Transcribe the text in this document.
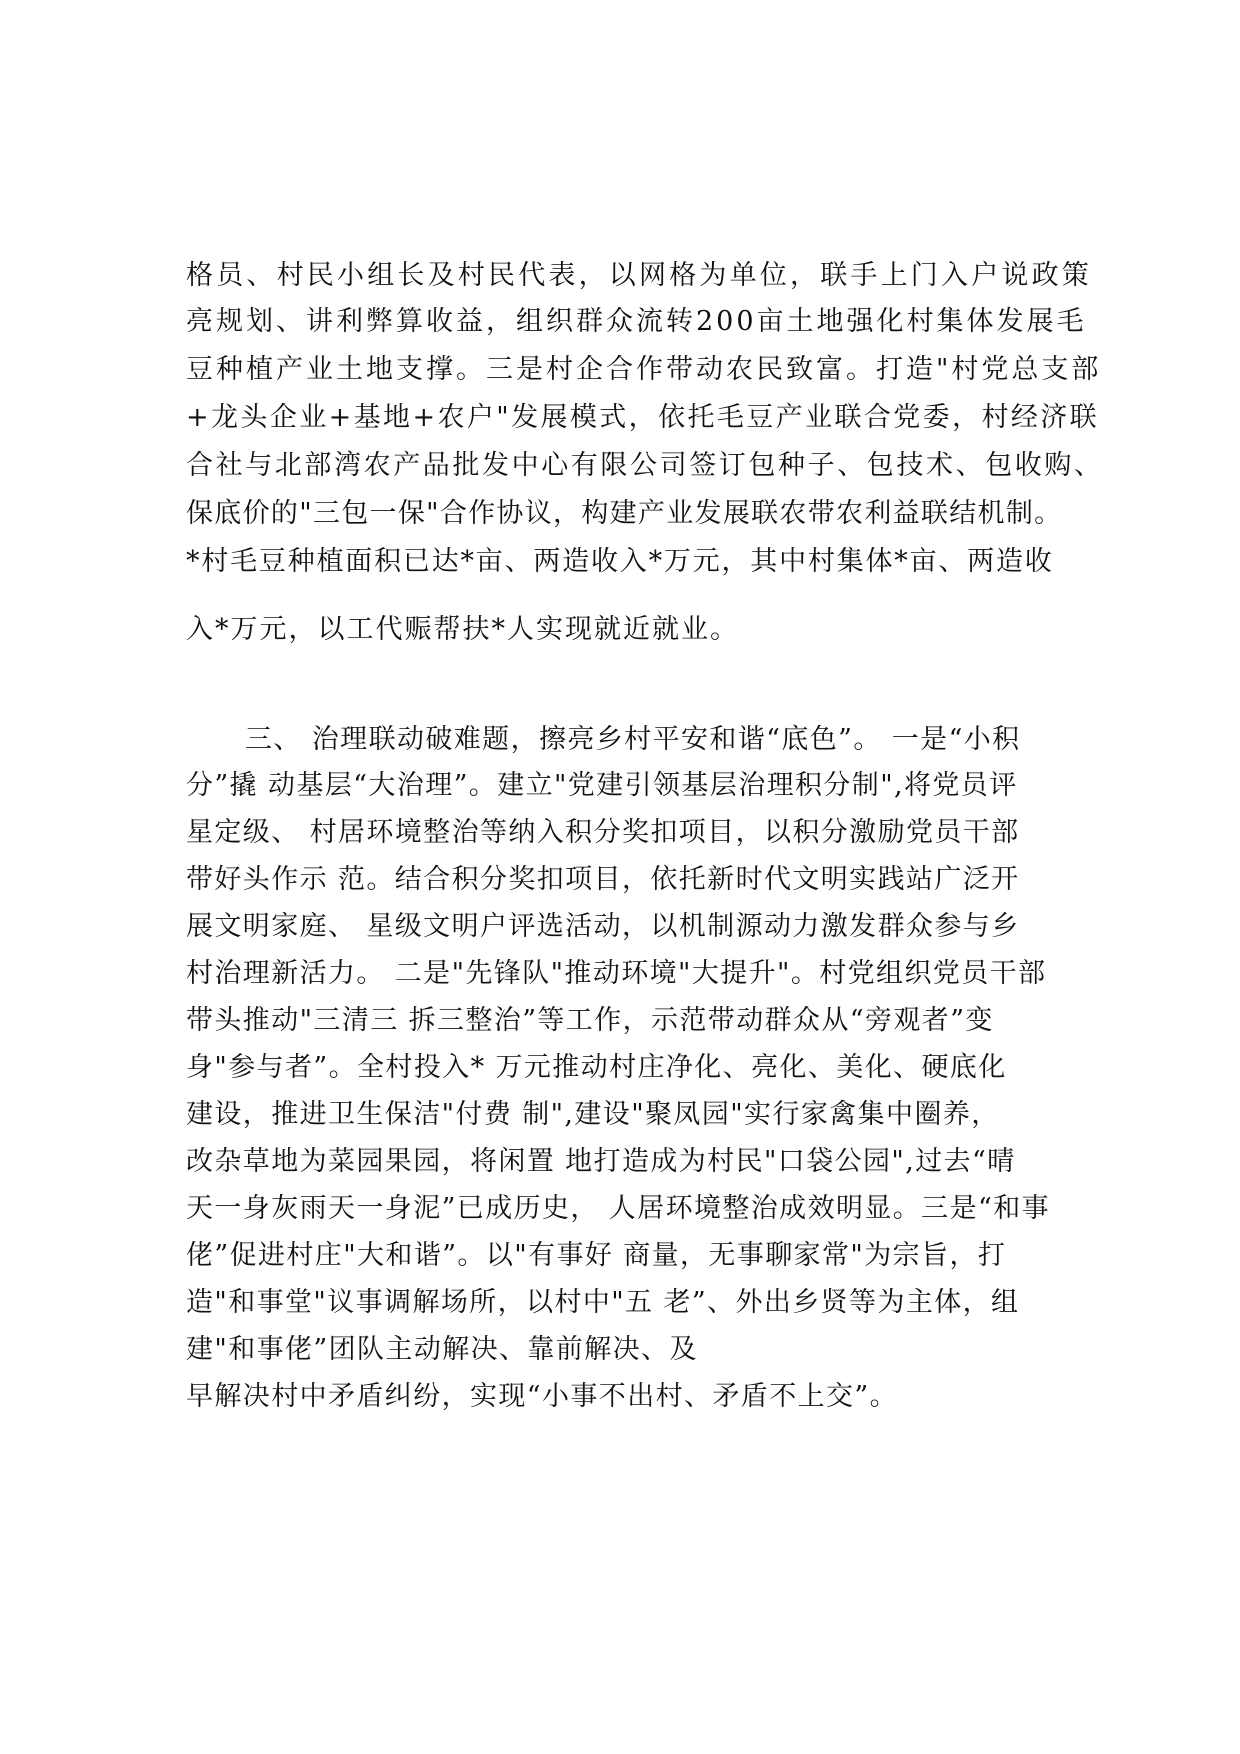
格员、村民小组长及村民代表，以网格为单位，联手上门入户说政策
亮规划、讲利弊算收益，组织群众流转200亩土地强化村集体发展毛
豆种植产业土地支撑。三是村企合作带动农民致富。打造"村党总支部
+龙头企业+基地+农户"发展模式，依托毛豆产业联合党委，村经济联
合社与北部湾农产品批发中心有限公司签订包种子、包技术、包收购、
保底价的"三包一保"合作协议，构建产业发展联农带农利益联结机制。
*村毛豆种植面积已达*亩、两造收入*万元，其中村集体*亩、两造收
入*万元，以工代赈帮扶*人实现就近就业。
三、 治理联动破难题，擦亮乡村平安和谐“底色”。 一是“小积
分”撬 动基层“大治理”。建立"党建引领基层治理积分制",将党员评
星定级、 村居环境整治等纳入积分奖扣项目，以积分激励党员干部
带好头作示 范。结合积分奖扣项目，依托新时代文明实践站广泛开
展文明家庭、 星级文明户评选活动，以机制源动力激发群众参与乡
村治理新活力。 二是"先锋队"推动环境"大提升"。村党组织党员干部
带头推动"三清三 拆三整治”等工作，示范带动群众从“旁观者”变
身"参与者”。全村投入* 万元推动村庄净化、亮化、美化、硬底化
建设，推进卫生保洁"付费 制",建设"聚凤园"实行家禽集中圈养，
改杂草地为菜园果园，将闲置 地打造成为村民"口袋公园",过去“晴
天一身灰雨天一身泥”已成历史， 人居环境整治成效明显。三是“和事
佬”促进村庄"大和谐”。以"有事好 商量，无事聊家常"为宗旨，打
造"和事堂"议事调解场所，以村中"五 老”、外出乡贤等为主体，组
建"和事佬”团队主动解决、靠前解决、及
早解决村中矛盾纠纷，实现“小事不出村、矛盾不上交”。
